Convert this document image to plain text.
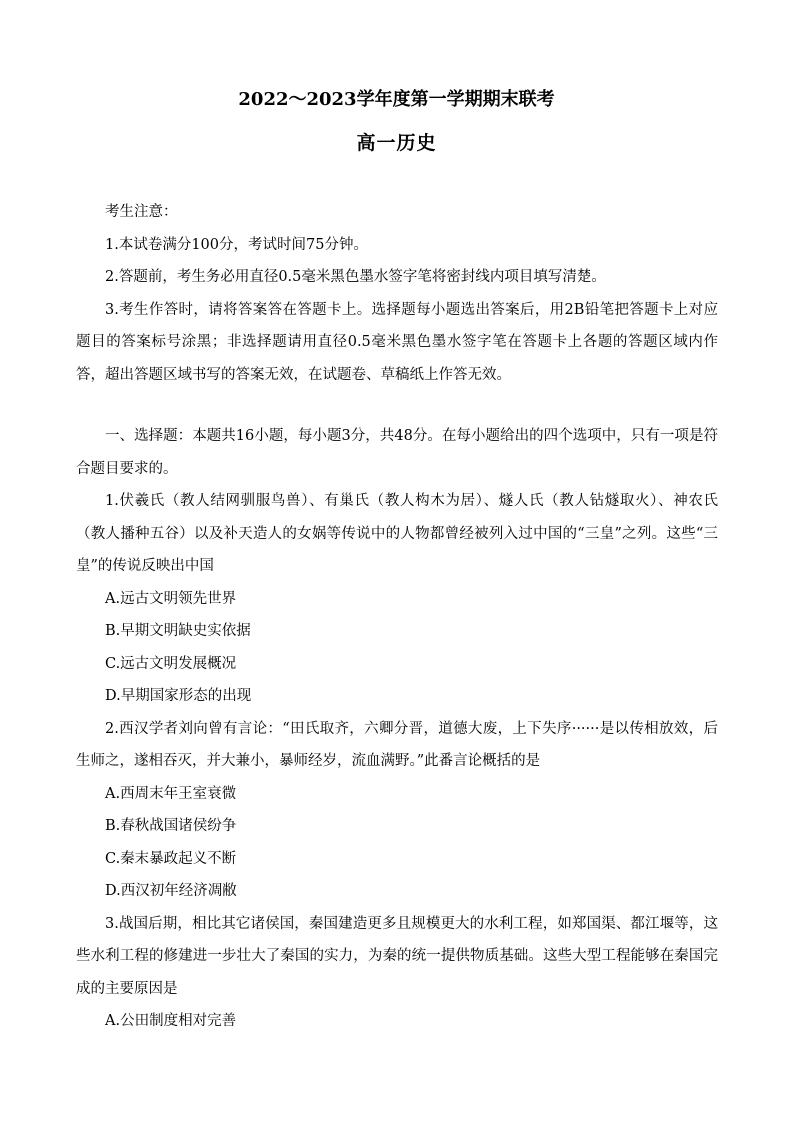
2022～2023学年度第一学期期末联考
高一历史

考生注意：

1.本试卷满分100分，考试时间75分钟。

2.答题前，考生务必用直径0.5毫米黑色墨水签字笔将密封线内项目填写清楚。

3.考生作答时，请将答案答在答题卡上。选择题每小题选出答案后，用2B铅笔把答题卡上对应题目的答案标号涂黑；非选择题请用直径0.5毫米黑色墨水签字笔在答题卡上各题的答题区域内作答，超出答题区域书写的答案无效，在试题卷、草稿纸上作答无效。

一、选择题：本题共16小题，每小题3分，共48分。在每小题给出的四个选项中，只有一项是符合题目要求的。

1.伏羲氏（教人结网驯服鸟兽）、有巢氏（教人构木为居）、燧人氏（教人钻燧取火）、神农氏（教人播种五谷）以及补天造人的女娲等传说中的人物都曾经被列入过中国的“三皇”之列。这些“三皇”的传说反映出中国

A.远古文明领先世界

B.早期文明缺史实依据

C.远古文明发展概况

D.早期国家形态的出现

2.西汉学者刘向曾有言论：“田氏取齐，六卿分晋，道德大废，上下失序······是以传相放效，后生师之，遂相吞灭，并大兼小，暴师经岁，流血满野。”此番言论概括的是

A.西周末年王室衰微

B.春秋战国诸侯纷争

C.秦末暴政起义不断

D.西汉初年经济凋敝

3.战国后期，相比其它诸侯国，秦国建造更多且规模更大的水利工程，如郑国渠、都江堰等，这些水利工程的修建进一步壮大了秦国的实力，为秦的统一提供物质基础。这些大型工程能够在秦国完成的主要原因是

A.公田制度相对完善
